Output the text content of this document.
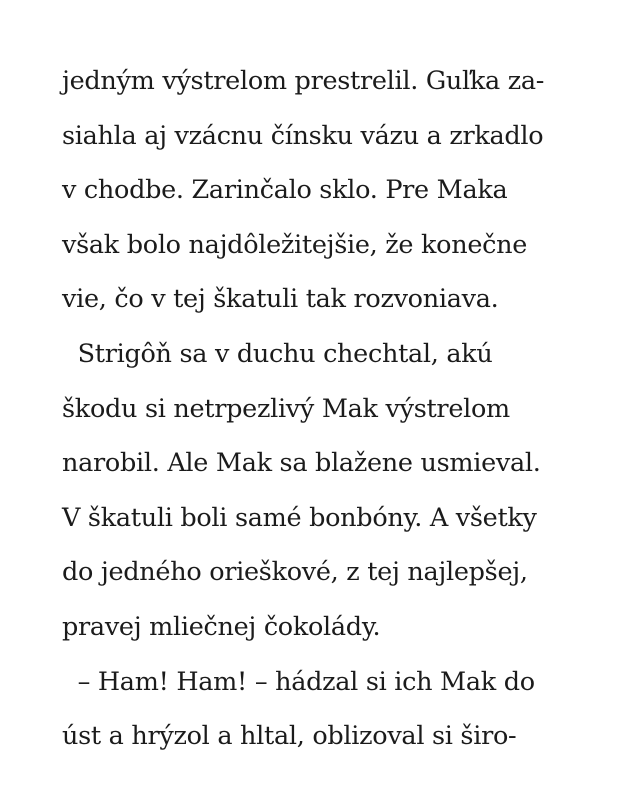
jedným výstrelom prestrelil. Guľka za-
siahla aj vzácnu čínsku vázu a zrkadlo
v chodbe. Zarinčalo sklo. Pre Maka
však bolo najdôležitejšie, že konečne
vie, čo v tej škatuli tak rozvoniava.
Strigôň sa v duchu chechtal, akú
škodu si netrpezlivý Mak výstrelom
narobil. Ale Mak sa blažene usmieval.
V škatuli boli samé bonbóny. A všetky
do jedného orieškové, z tej najlepšej,
pravej mliečnej čokolády.
– Ham! Ham! – hádzal si ich Mak do
úst a hrýzol a hltal, oblizoval si širo-
